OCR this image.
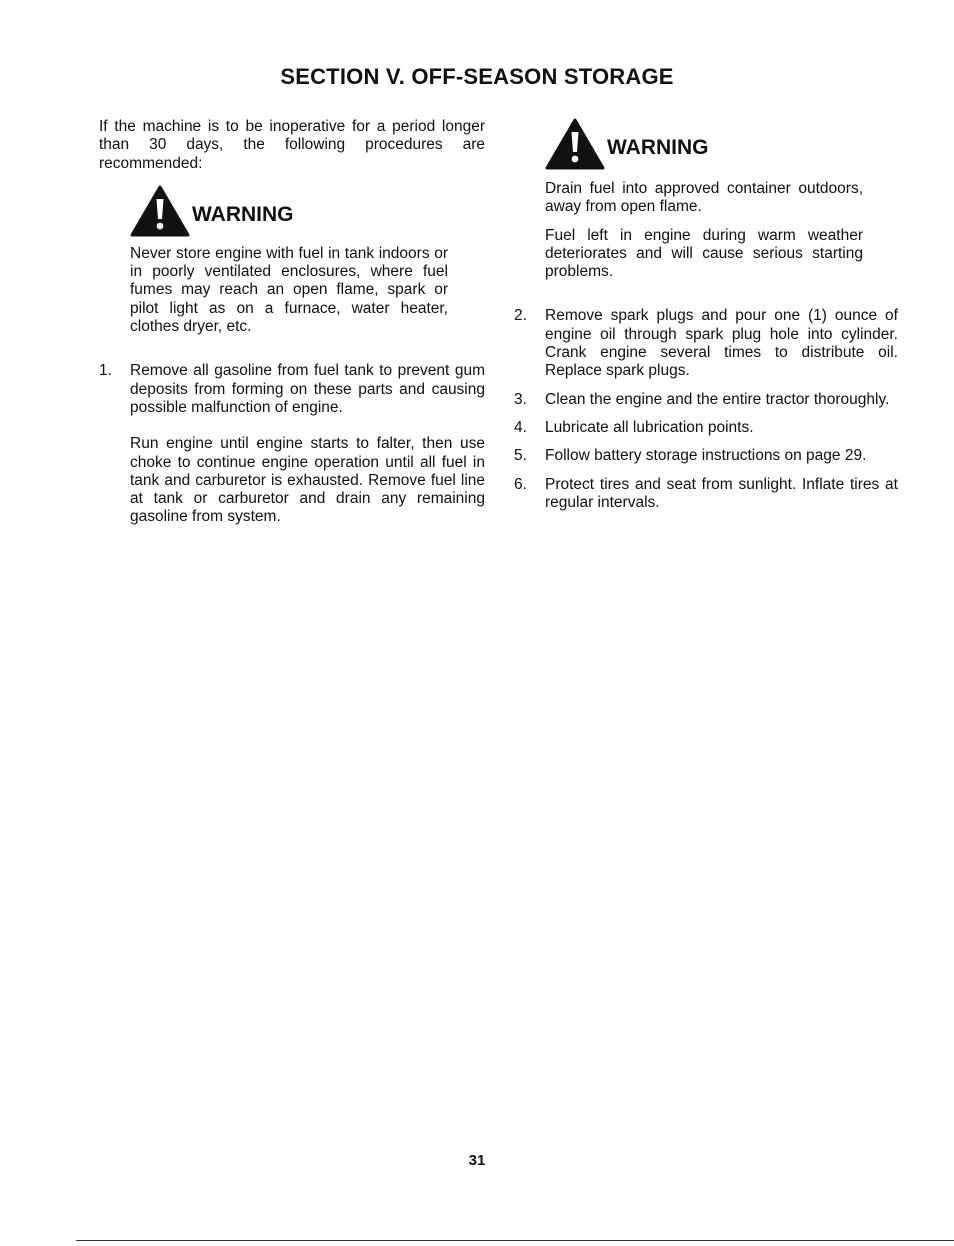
SECTION V. OFF-SEASON STORAGE

If the machine is to be inoperative for a period longer than 30 days, the following procedures are recommended:

WARNING

Never store engine with fuel in tank indoors or in poorly ventilated enclosures, where fuel fumes may reach an open flame, spark or pilot light as on a furnace, water heater, clothes dryer, etc.

1.	Remove all gasoline from fuel tank to prevent gum deposits from forming on these parts and causing possible malfunction of engine.

Run engine until engine starts to falter, then use choke to continue engine operation until all fuel in tank and carburetor is exhausted. Remove fuel line at tank or carburetor and drain any remaining gasoline from system.

WARNING

Drain fuel into approved container outdoors, away from open flame.

Fuel left in engine during warm weather deteriorates and will cause serious starting problems.

2.	Remove spark plugs and pour one (1) ounce of engine oil through spark plug hole into cylinder. Crank engine several times to distribute oil. Replace spark plugs.
3.	Clean the engine and the entire tractor thoroughly.
4.	Lubricate all lubrication points.
5.	Follow battery storage instructions on page 29.
6.	Protect tires and seat from sunlight. Inflate tires at regular intervals.
31
